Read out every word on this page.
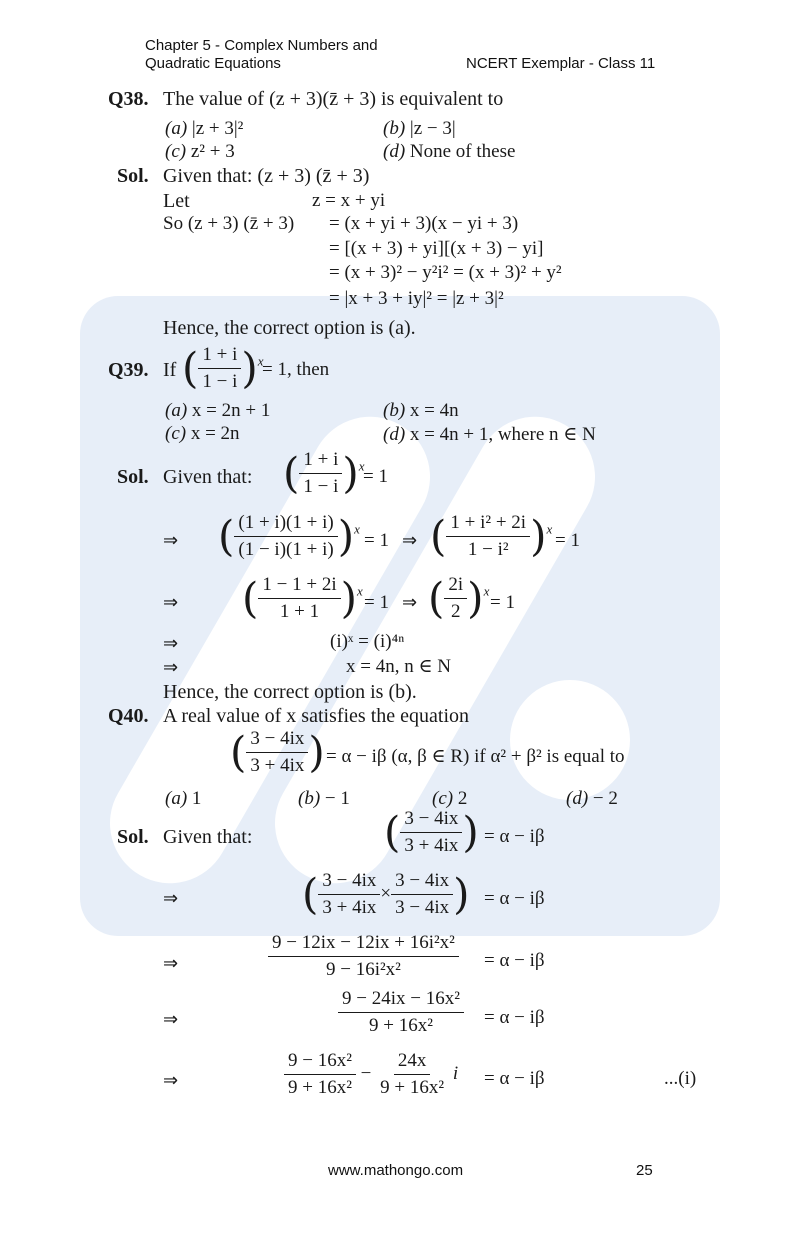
Chapter 5 - Complex Numbers and
Quadratic Equations	NCERT Exemplar - Class 11
Q38. The value of (z + 3)(z̄ + 3) is equivalent to
(a) |z + 3|²	(b) |z − 3|
(c) z² + 3	(d) None of these
Sol. Given that: (z + 3) (z̄ + 3)
Let	z = x + yi
So (z + 3) (z̄ + 3) = (x + yi + 3)(x − yi + 3)
= [(x + 3) + yi][(x + 3) − yi]
= (x + 3)² − y²i² = (x + 3)² + y²
= |x + 3 + iy|² = |z + 3|²
Hence, the correct option is (a).
Q39. If ( $\frac{1 + i}{1 - i} )^x$
= 1, then
(a) x = 2n + 1	(b) x = 4n
(c) x = 2n	(d) x = 4n + 1, where n ∈ N
Sol. Given that: ( $\frac{1 + i}{1 - i} )^x$
= 1
⇒ ( $\frac{(1 + i)(1 + i)}{(1 - i)(1 + i)} )^x$
= 1 ⇒ ( $\frac{\text{1 + i² + 2i}}{\text{1 − i²}} )^x$
= 1
⇒ ( $\frac{1 - 1 + 2i}{1 + 1} )^x$
= 1 ⇒ ( $\frac{2i}{2} )^x$
= 1
⇒	(i)ˣ = (i)⁴ⁿ
⇒	x = 4n, n ∈ N
Hence, the correct option is (b).
Q40. A real value of x satisfies the equation
( $\frac{3 - 4ix}{3 + 4ix}$ ) = α − iβ (α, β ∈ R) if α² + β² is equal to
(a) 1	(b) − 1	(c) 2	(d) − 2
Sol. Given that:	( $\frac{3 - 4ix}{3 + 4ix}$ ) = α − iβ
⇒	( $\frac{3 - 4ix}{3 + 4ix} \times \frac{3 - 4ix}{3 - 4ix}$ ) = α − iβ
⇒	$\frac{\text{9 − 12ix − 12ix + 16i²x²}}{\text{9 − 16i²x²}} = \alpha - i\beta$
⇒	$\frac{\text{9 − 24ix − 16x²}}{\text{9 + 16x²}} = \alpha - i\beta$
⇒	$\frac{\text{9 − 16x²}}{\text{9 + 16x²}} - \frac{24x}{\text{9 + 16x²}}$ i = α − iβ	...(i)
www.mathongo.com	25
